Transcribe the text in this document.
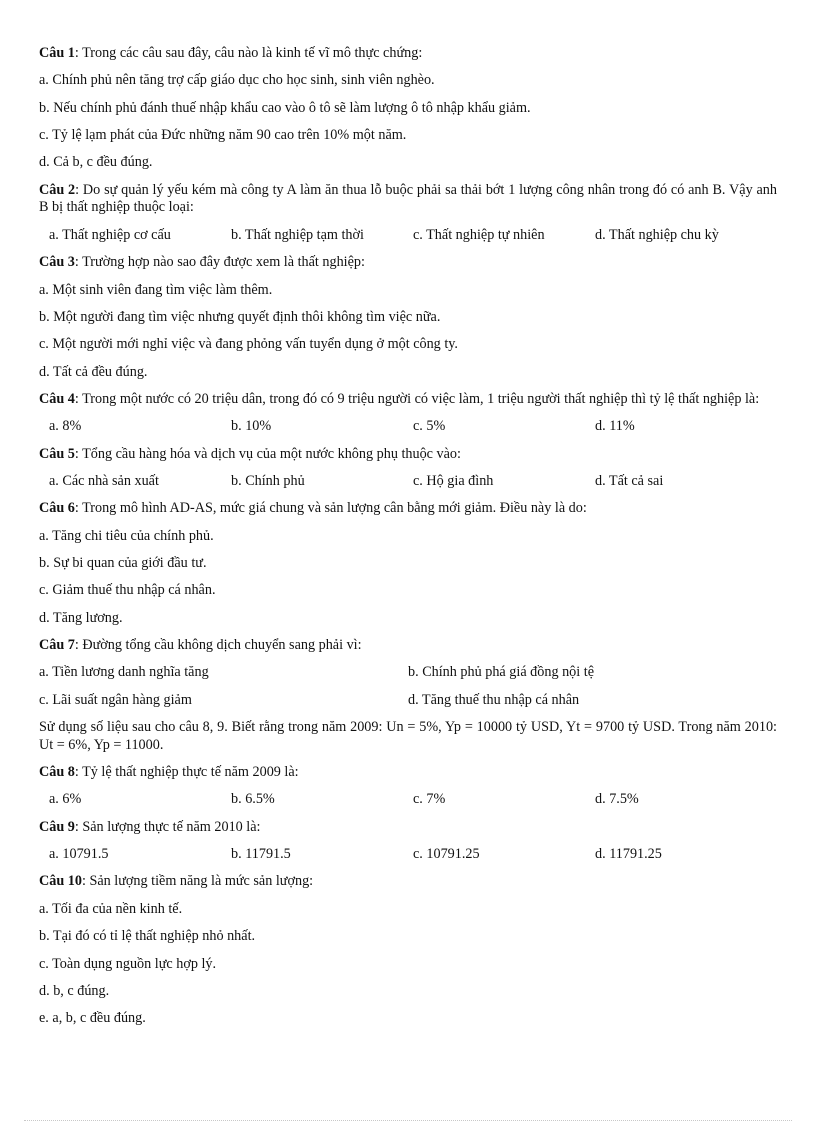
Câu 1: Trong các câu sau đây, câu nào là kinh tế vĩ mô thực chứng:
a. Chính phủ nên tăng trợ cấp giáo dục cho học sinh, sinh viên nghèo.
b. Nếu chính phủ đánh thuế nhập khẩu cao vào ô tô sẽ làm lượng ô tô nhập khẩu giảm.
c. Tỷ lệ lạm phát của Đức những năm 90 cao trên 10% một năm.
d. Cả b, c đều đúng.
Câu 2: Do sự quản lý yếu kém mà công ty A làm ăn thua lỗ buộc phải sa thải bớt 1 lượng công nhân trong đó có anh B. Vậy anh B bị thất nghiệp thuộc loại:
a. Thất nghiệp cơ cấu	b. Thất nghiệp tạm thời	c. Thất nghiệp tự nhiên	d. Thất nghiệp chu kỳ
Câu 3: Trường hợp nào sao đây được xem là thất nghiệp:
a. Một sinh viên đang tìm việc làm thêm.
b. Một người đang tìm việc nhưng quyết định thôi không tìm việc nữa.
c. Một người mới nghỉ việc và đang phỏng vấn tuyển dụng ở một công ty.
d. Tất cả đều đúng.
Câu 4: Trong một nước có 20 triệu dân, trong đó có 9 triệu người có việc làm, 1 triệu người thất nghiệp thì tỷ lệ thất nghiệp là:
a. 8%	b. 10%	c. 5%	d. 11%
Câu 5: Tổng cầu hàng hóa và dịch vụ của một nước không phụ thuộc vào:
a. Các nhà sản xuất	b. Chính phủ	c. Hộ gia đình	d. Tất cả sai
Câu 6: Trong mô hình AD-AS, mức giá chung và sản lượng cân bằng mới giảm. Điều này là do:
a. Tăng chi tiêu của chính phủ.
b. Sự bi quan của giới đầu tư.
c. Giảm thuế thu nhập cá nhân.
d. Tăng lương.
Câu 7: Đường tổng cầu không dịch chuyển sang phải vì:
a. Tiền lương danh nghĩa tăng	b. Chính phủ phá giá đồng nội tệ
c. Lãi suất ngân hàng giảm	d. Tăng thuế thu nhập cá nhân
Sử dụng số liệu sau cho câu 8, 9. Biết rằng trong năm 2009: Un = 5%, Yp = 10000 tỷ USD, Yt = 9700 tỷ USD. Trong năm 2010: Ut = 6%, Yp = 11000.
Câu 8: Tỷ lệ thất nghiệp thực tế năm 2009 là:
a. 6%	b. 6.5%	c. 7%	d. 7.5%
Câu 9: Sản lượng thực tế năm 2010 là:
a. 10791.5	b. 11791.5	c. 10791.25	d. 11791.25
Câu 10: Sản lượng tiềm năng là mức sản lượng:
a. Tối đa của nền kinh tế.
b. Tại đó có tỉ lệ thất nghiệp nhỏ nhất.
c. Toàn dụng nguồn lực hợp lý.
d. b, c đúng.
e. a, b, c đều đúng.
